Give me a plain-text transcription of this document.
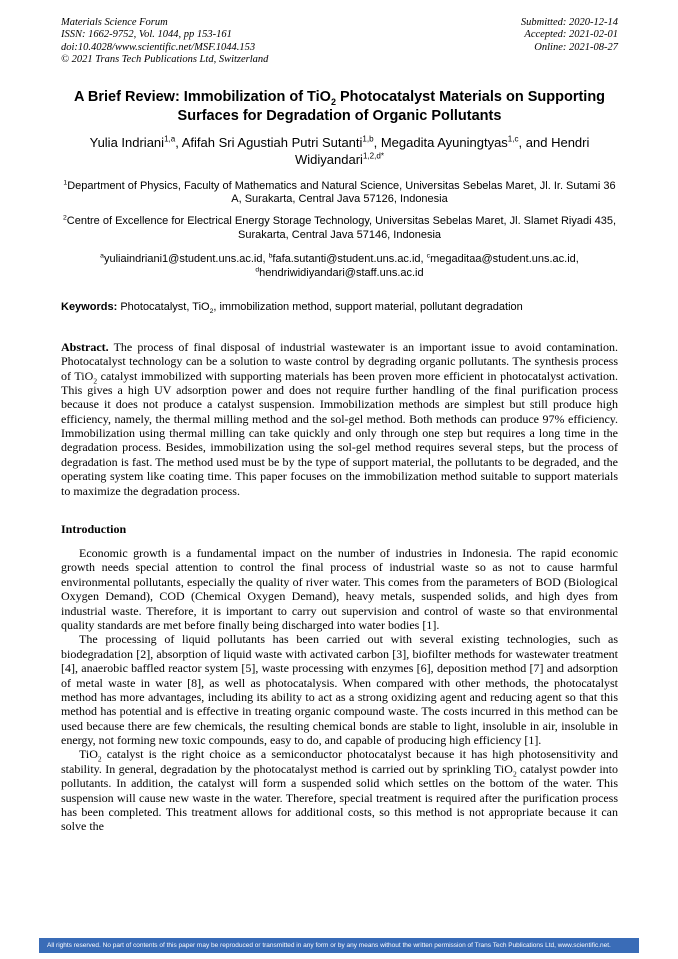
Materials Science Forum
ISSN: 1662-9752, Vol. 1044, pp 153-161
doi:10.4028/www.scientific.net/MSF.1044.153
© 2021 Trans Tech Publications Ltd, Switzerland
Submitted: 2020-12-14
Accepted: 2021-02-01
Online: 2021-08-27
A Brief Review: Immobilization of TiO$_2$ Photocatalyst Materials on Supporting Surfaces for Degradation of Organic Pollutants
Yulia Indriani$^{1,a}$, Afifah Sri Agustiah Putri Sutanti$^{1,b}$, Megadita Ayuningtyas$^{1,c}$, and Hendri Widiyandari$^{1,2,d*}$
$^1$Department of Physics, Faculty of Mathematics and Natural Science, Universitas Sebelas Maret, Jl. Ir. Sutami 36 A, Surakarta, Central Java 57126, Indonesia
$^2$Centre of Excellence for Electrical Energy Storage Technology, Universitas Sebelas Maret, Jl. Slamet Riyadi 435, Surakarta, Central Java 57146, Indonesia
$^a$yuliaindriani1@student.uns.ac.id, $^b$fafa.sutanti@student.uns.ac.id, $^c$megaditaa@student.uns.ac.id, $^d$hendriwidiyandari@staff.uns.ac.id

Keywords: Photocatalyst, TiO$_2$, immobilization method, support material, pollutant degradation

Abstract. The process of final disposal of industrial wastewater is an important issue to avoid contamination. Photocatalyst technology can be a solution to waste control by degrading organic pollutants. The synthesis process of TiO$_2$ catalyst immobilized with supporting materials has been proven more efficient in photocatalyst activation. This gives a high UV adsorption power and does not require further handling of the final purification process because it does not produce a catalyst suspension. Immobilization methods are simplest but still produce high efficiency, namely, the thermal milling method and the sol-gel method. Both methods can produce 97% efficiency. Immobilization using thermal milling can take quickly and only through one step but requires a long time in the degradation process. Besides, immobilization using the sol-gel method requires several steps, but the process of degradation is fast. The method used must be by the type of support material, the pollutants to be degraded, and the operating system like coating time. This paper focuses on the immobilization method suitable to support materials to maximize the degradation process.

Introduction

Economic growth is a fundamental impact on the number of industries in Indonesia. The rapid economic growth needs special attention to control the final process of industrial waste so as not to cause harmful environmental pollutants, especially the quality of river water. This comes from the parameters of BOD (Biological Oxygen Demand), COD (Chemical Oxygen Demand), heavy metals, suspended solids, and high dyes from industrial waste. Therefore, it is important to carry out supervision and control of waste so that environmental quality standards are met before finally being discharged into water bodies [1].

The processing of liquid pollutants has been carried out with several existing technologies, such as biodegradation [2], absorption of liquid waste with activated carbon [3], biofilter methods for wastewater treatment [4], anaerobic baffled reactor system [5], waste processing with enzymes [6], deposition method [7] and adsorption of metal waste in water [8], as well as photocatalysis. When compared with other methods, the photocatalyst method has more advantages, including its ability to act as a strong oxidizing agent and reducing agent so that this method has potential and is effective in treating organic compound waste. The costs incurred in this method can be used because there are few chemicals, the resulting chemical bonds are stable to light, insoluble in air, insoluble in energy, not forming new toxic compounds, easy to do, and capable of producing high efficiency [1].

TiO$_2$ catalyst is the right choice as a semiconductor photocatalyst because it has high photosensitivity and stability. In general, degradation by the photocatalyst method is carried out by sprinkling TiO$_2$ catalyst powder into pollutants. In addition, the catalyst will form a suspended solid which settles on the bottom of the water. This suspension will cause new waste in the water. Therefore, special treatment is required after the purification process has been completed. This treatment allows for additional costs, so this method is not appropriate because it can solve the

All rights reserved. No part of contents of this paper may be reproduced or transmitted in any form or by any means without the written permission of Trans Tech Publications Ltd, www.scientific.net.
